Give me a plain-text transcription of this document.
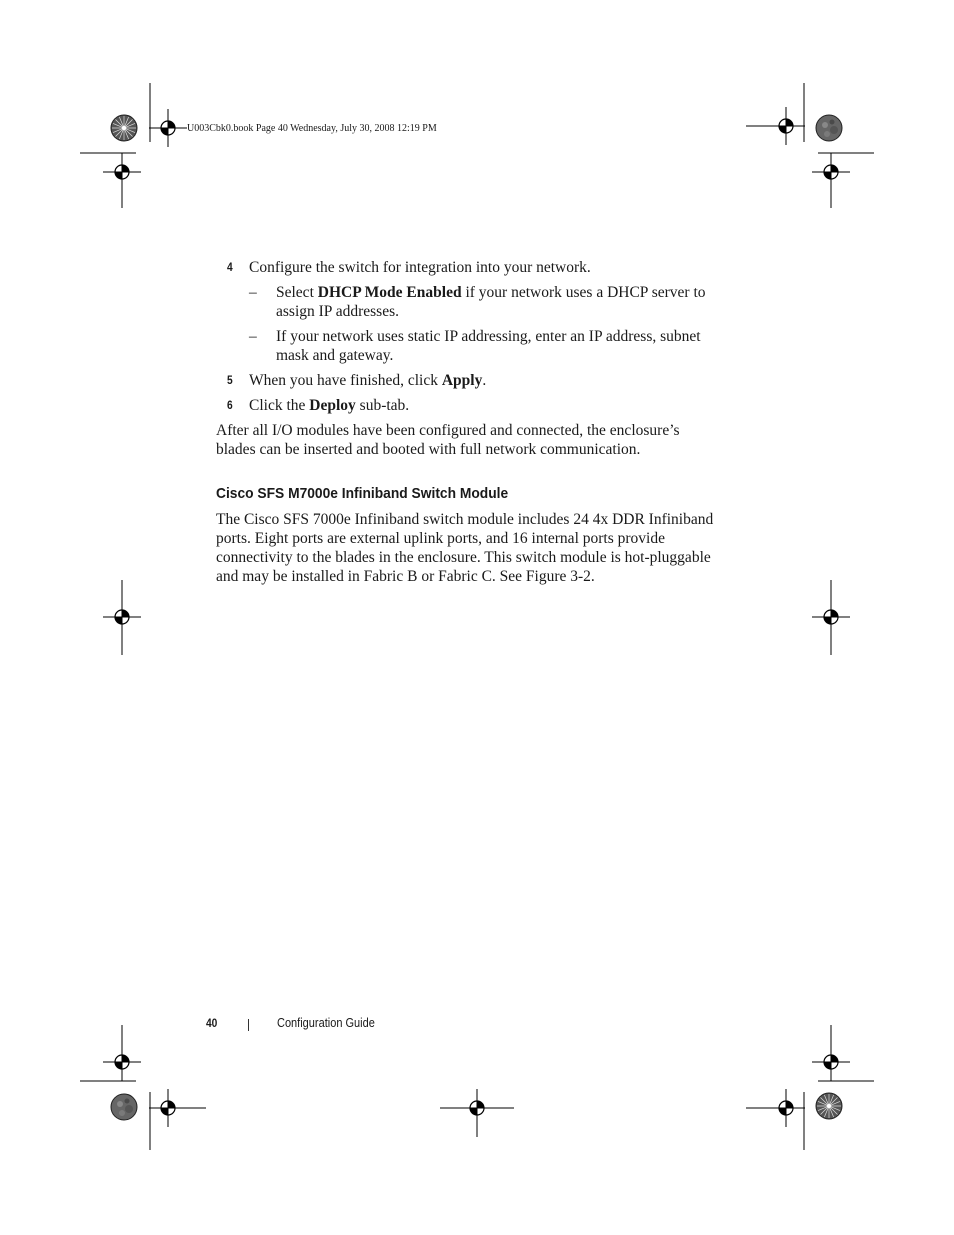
U003Cbk0.book Page 40 Wednesday, July 30, 2008 12:19 PM
4 Configure the switch for integration into your network.
– Select DHCP Mode Enabled if your network uses a DHCP server to assign IP addresses.
– If your network uses static IP addressing, enter an IP address, subnet mask and gateway.
5 When you have finished, click Apply.
6 Click the Deploy sub-tab.

After all I/O modules have been configured and connected, the enclosure’s blades can be inserted and booted with full network communication.

Cisco SFS M7000e Infiniband Switch Module

The Cisco SFS 7000e Infiniband switch module includes 24 4x DDR Infiniband ports. Eight ports are external uplink ports, and 16 internal ports provide connectivity to the blades in the enclosure. This switch module is hot-pluggable and may be installed in Fabric B or Fabric C. See Figure 3-2.

40	Configuration Guide
